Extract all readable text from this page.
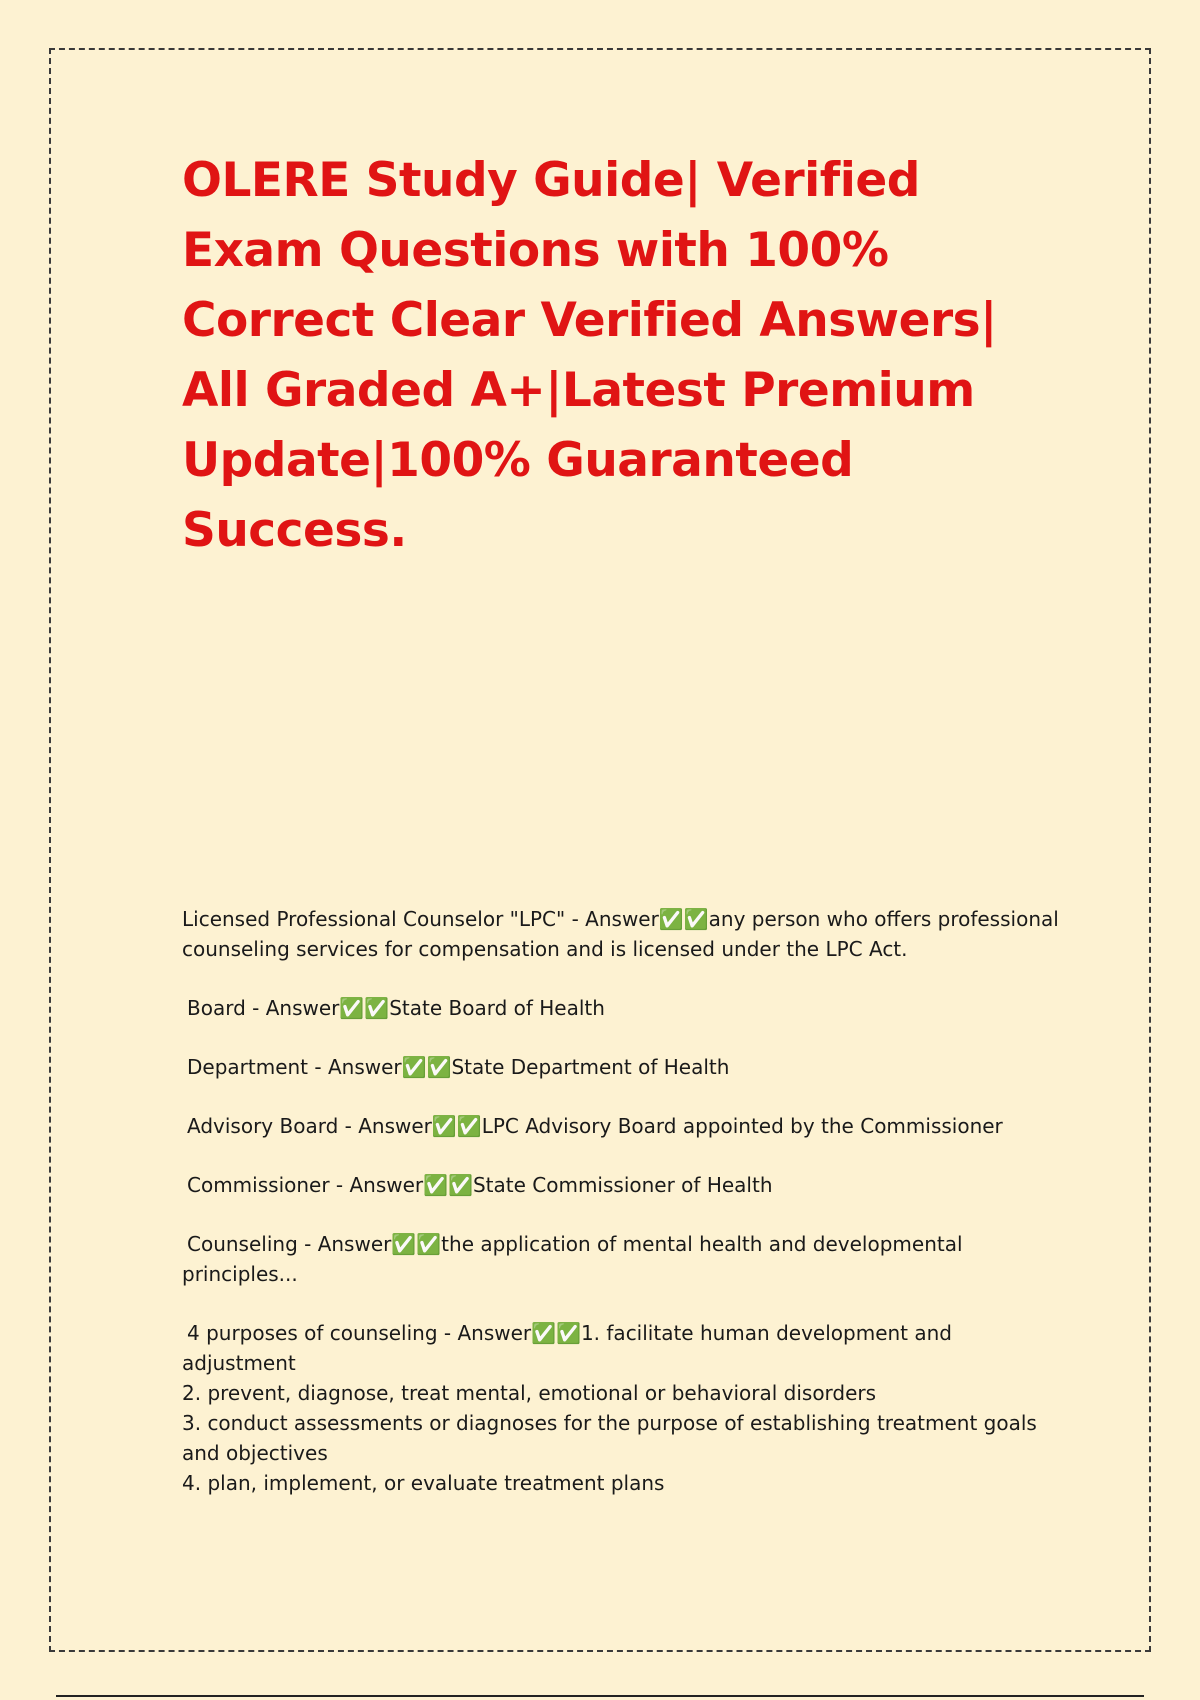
OLERE Study Guide| Verified Exam Questions with 100% Correct Clear Verified Answers| All Graded A+|Latest Premium Update|100% Guaranteed Success.

Licensed Professional Counselor "LPC" - Answer✅✅any person who offers professional counseling services for compensation and is licensed under the LPC Act.

Board - Answer✅✅State Board of Health

Department - Answer✅✅State Department of Health

Advisory Board - Answer✅✅LPC Advisory Board appointed by the Commissioner

Commissioner - Answer✅✅State Commissioner of Health

Counseling - Answer✅✅the application of mental health and developmental principles...

4 purposes of counseling - Answer✅✅1. facilitate human development and adjustment
2. prevent, diagnose, treat mental, emotional or behavioral disorders
3. conduct assessments or diagnoses for the purpose of establishing treatment goals and objectives
4. plan, implement, or evaluate treatment plans
